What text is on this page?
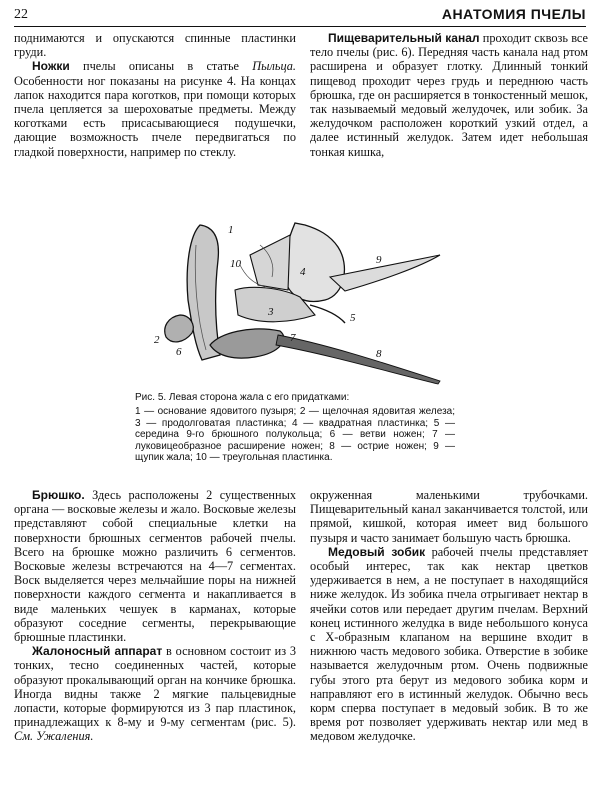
22	АНАТОМИЯ ПЧЕЛЫ

поднимаются и опускаются спинные пластинки груди.

Ножки пчелы описаны в статье Пыльца. Особенности ног показаны на рисунке 4. На концах лапок находится пара коготков, при помощи которых пчела цепляется за шероховатые предметы. Между коготками есть присасывающиеся подушечки, дающие возможность пчеле передвигаться по гладкой поверхности, например по стеклу.

Пищеварительный канал проходит сквозь все тело пчелы (рис. 6). Передняя часть канала над ртом расширена и образует глотку. Длинный тонкий пищевод проходит через грудь и переднюю часть брюшка, где он расширяется в тонкостенный мешок, так называемый медовый желудочек, или зобик. За желудочком расположен короткий узкий отдел, а далее истинный желудок. Затем идет небольшая тонкая кишка,

1
2
3
4
5
6
7
8
9
10
Рис. 5. Левая сторона жала с его придатками:
1 — основание ядовитого пузыря; 2 — щелочная ядовитая железа; 3 — продолговатая пластинка; 4 — квадратная пластинка; 5 — середина 9-го брюшного полукольца; 6 — ветви ножен; 7 — луковицеобразное расширение ножен; 8 — острие ножен; 9 — щупик жала; 10 — треугольная пластинка.

Брюшко. Здесь расположены 2 существенных органа — восковые железы и жало. Восковые железы представляют собой специальные клетки на поверхности брюшных сегментов рабочей пчелы. Всего на брюшке можно различить 6 сегментов. Восковые железы встречаются на 4—7 сегментах. Воск выделяется через мельчайшие поры на нижней поверхности каждого сегмента и накапливается в виде маленьких чешуек в карманах, которые образуют соседние сегменты, перекрывающие брюшные пластинки.

Жалоносный аппарат в основном состоит из 3 тонких, тесно соединенных частей, которые образуют прокалывающий орган на кончике брюшка. Иногда видны также 2 мягкие пальцевидные лопасти, которые формируются из 3 пар пластинок, принадлежащих к 8-му и 9-му сегментам (рис. 5). См. Ужаления.

окруженная маленькими трубочками. Пищеварительный канал заканчивается толстой, или прямой, кишкой, которая имеет вид большого пузыря и часто занимает большую часть брюшка.

Медовый зобик рабочей пчелы представляет особый интерес, так как нектар цветков удерживается в нем, а не поступает в находящийся ниже желудок. Из зобика пчела отрыгивает нектар в ячейки сотов или передает другим пчелам. Верхний конец истинного желудка в виде небольшого конуса с Х-образным клапаном на вершине входит в нижнюю часть медового зобика. Отверстие в зобике называется желудочным ртом. Очень подвижные губы этого рта берут из медового зобика корм и направляют его в истинный желудок. Обычно весь корм сперва поступает в медовый зобик. В то же время рот позволяет удерживать нектар или мед в медовом желудочке.
